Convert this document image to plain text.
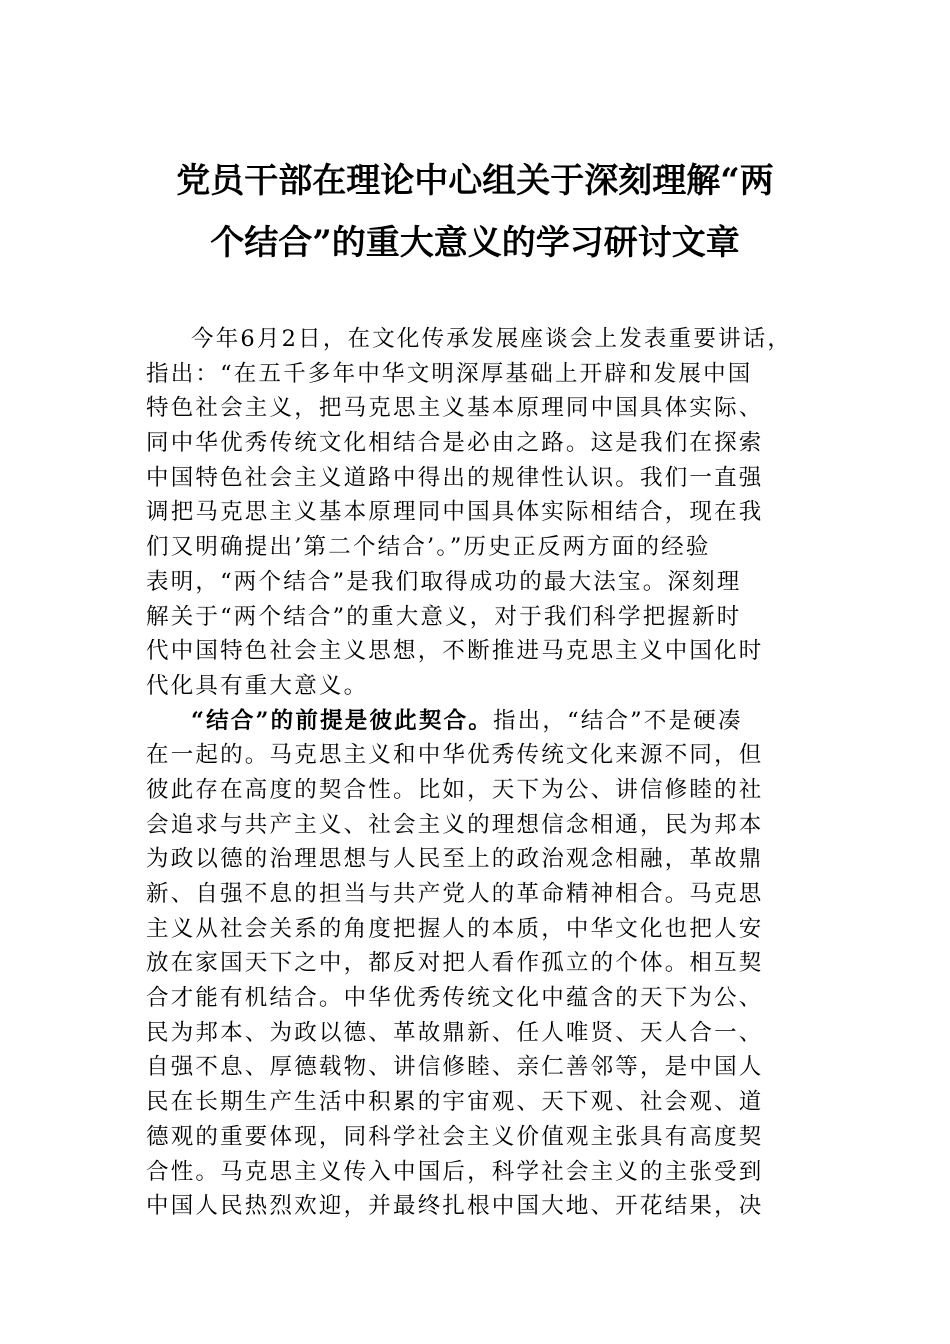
党员干部在理论中心组关于深刻理解“两
个结合”的重大意义的学习研讨文章
今年6月2日，在文化传承发展座谈会上发表重要讲话，
指出：“在五千多年中华文明深厚基础上开辟和发展中国
特色社会主义，把马克思主义基本原理同中国具体实际、
同中华优秀传统文化相结合是必由之路。这是我们在探索
中国特色社会主义道路中得出的规律性认识。我们一直强
调把马克思主义基本原理同中国具体实际相结合，现在我
们又明确提出’第二个结合’。”历史正反两方面的经验
表明，“两个结合”是我们取得成功的最大法宝。深刻理
解关于“两个结合”的重大意义，对于我们科学把握新时
代中国特色社会主义思想，不断推进马克思主义中国化时
代化具有重大意义。
“结合”的前提是彼此契合。指出，“结合”不是硬凑
在一起的。马克思主义和中华优秀传统文化来源不同，但
彼此存在高度的契合性。比如，天下为公、讲信修睦的社
会追求与共产主义、社会主义的理想信念相通，民为邦本
为政以德的治理思想与人民至上的政治观念相融，革故鼎
新、自强不息的担当与共产党人的革命精神相合。马克思
主义从社会关系的角度把握人的本质，中华文化也把人安
放在家国天下之中，都反对把人看作孤立的个体。相互契
合才能有机结合。中华优秀传统文化中蕴含的天下为公、
民为邦本、为政以德、革故鼎新、任人唯贤、天人合一、
自强不息、厚德载物、讲信修睦、亲仁善邻等，是中国人
民在长期生产生活中积累的宇宙观、天下观、社会观、道
德观的重要体现，同科学社会主义价值观主张具有高度契
合性。马克思主义传入中国后，科学社会主义的主张受到
中国人民热烈欢迎，并最终扎根中国大地、开花结果，决
